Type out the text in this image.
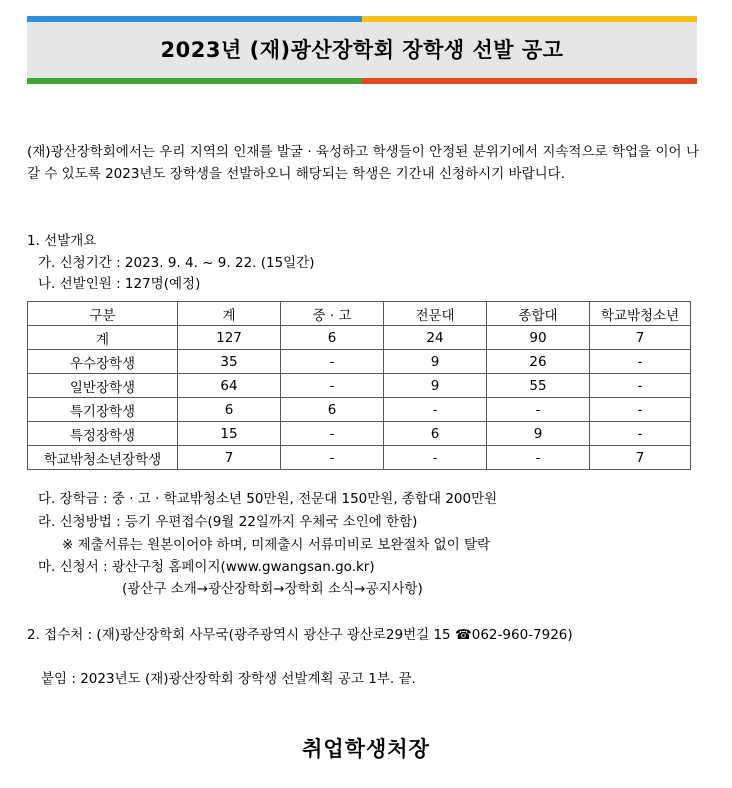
2023년 (재)광산장학회 장학생 선발 공고
(재)광산장학회에서는 우리 지역의 인재를 발굴 · 육성하고 학생들이 안정된 분위기에서 지속적으로 학업을 이어 나갈 수 있도록 2023년도 장학생을 선발하오니 해당되는 학생은 기간내 신청하시기 바랍니다.
1. 선발개요
가. 신청기간 : 2023. 9. 4. ~ 9. 22. (15일간)
나. 선발인원 : 127명(예정)
구분	계	중 · 고	전문대	종합대	학교밖청소년
계	127	6	24	90	7
우수장학생	35	-	9	26	-
일반장학생	64	-	9	55	-
특기장학생	6	6	-	-	-
특정장학생	15	-	6	9	-
학교밖청소년장학생	7	-	-	-	7
다. 장학금 : 중 · 고 · 학교밖청소년 50만원, 전문대 150만원, 종합대 200만원
라. 신청방법 : 등기 우편접수(9월 22일까지 우체국 소인에 한함)
※ 제출서류는 원본이어야 하며, 미제출시 서류미비로 보완절차 없이 탈락
마. 신청서 : 광산구청 홈페이지(www.gwangsan.go.kr)
(광산구 소개→광산장학회→장학회 소식→공지사항)
2. 접수처 : (재)광산장학회 사무국(광주광역시 광산구 광산로29번길 15 ☎062-960-7926)
붙임 : 2023년도 (재)광산장학회 장학생 선발계획 공고 1부. 끝.
취업학생처장
